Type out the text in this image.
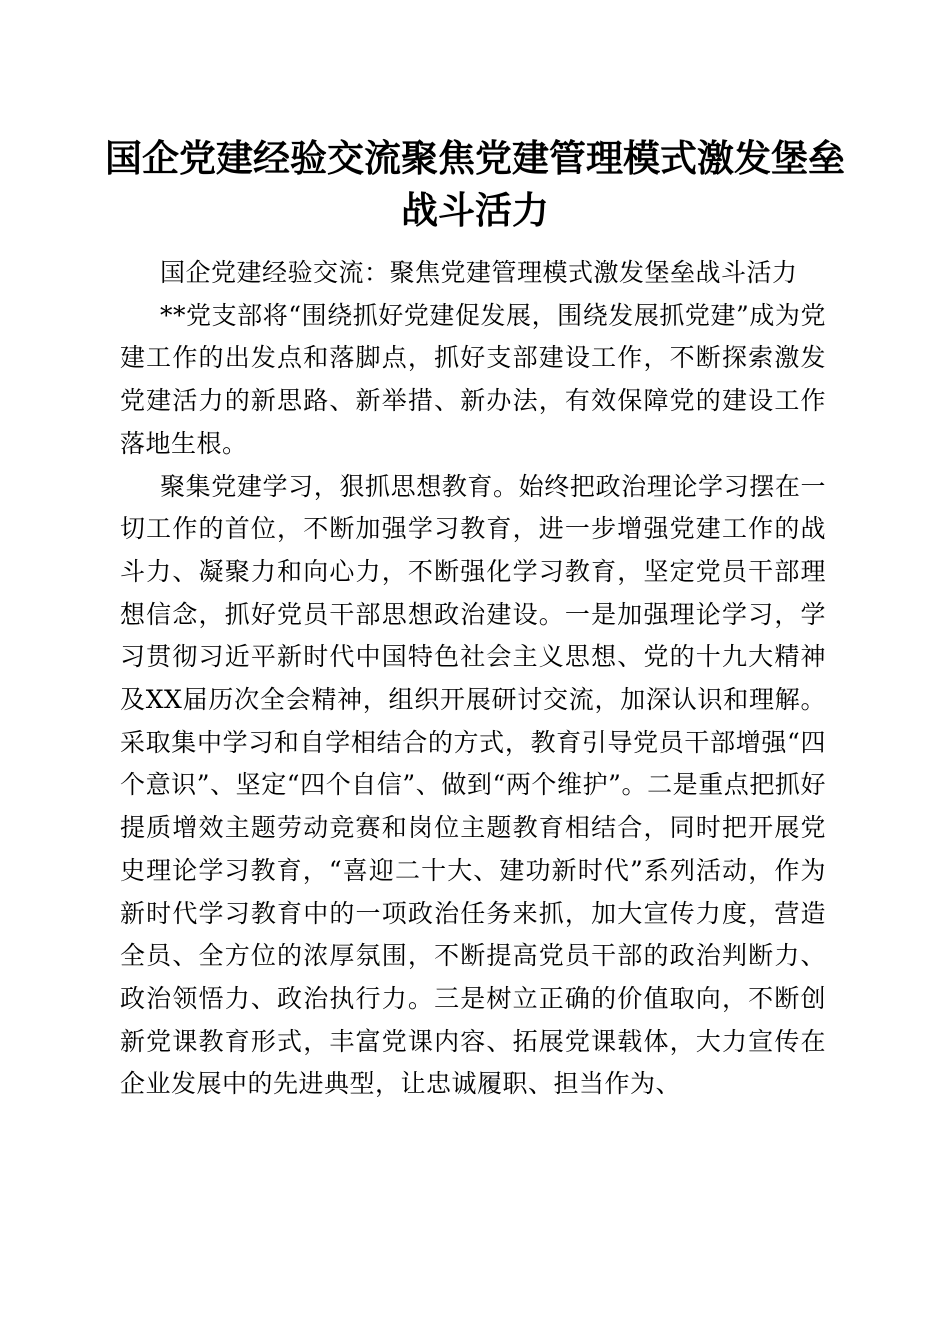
国企党建经验交流聚焦党建管理模式激发堡垒
战斗活力

国企党建经验交流：聚焦党建管理模式激发堡垒战斗活力

**党支部将“围绕抓好党建促发展，围绕发展抓党建”成为党建工作的出发点和落脚点，抓好支部建设工作，不断探索激发党建活力的新思路、新举措、新办法，有效保障党的建设工作落地生根。

聚集党建学习，狠抓思想教育。始终把政治理论学习摆在一切工作的首位，不断加强学习教育，进一步增强党建工作的战斗力、凝聚力和向心力，不断强化学习教育，坚定党员干部理想信念，抓好党员干部思想政治建设。一是加强理论学习，学习贯彻习近平新时代中国特色社会主义思想、党的十九大精神及XX届历次全会精神，组织开展研讨交流，加深认识和理解。采取集中学习和自学相结合的方式，教育引导党员干部增强“四个意识”、坚定“四个自信”、做到“两个维护”。二是重点把抓好提质增效主题劳动竞赛和岗位主题教育相结合，同时把开展党史理论学习教育，“喜迎二十大、建功新时代”系列活动，作为新时代学习教育中的一项政治任务来抓，加大宣传力度，营造全员、全方位的浓厚氛围，不断提高党员干部的政治判断力、政治领悟力、政治执行力。三是树立正确的价值取向，不断创新党课教育形式，丰富党课内容、拓展党课载体，大力宣传在企业发展中的先进典型，让忠诚履职、担当作为、
